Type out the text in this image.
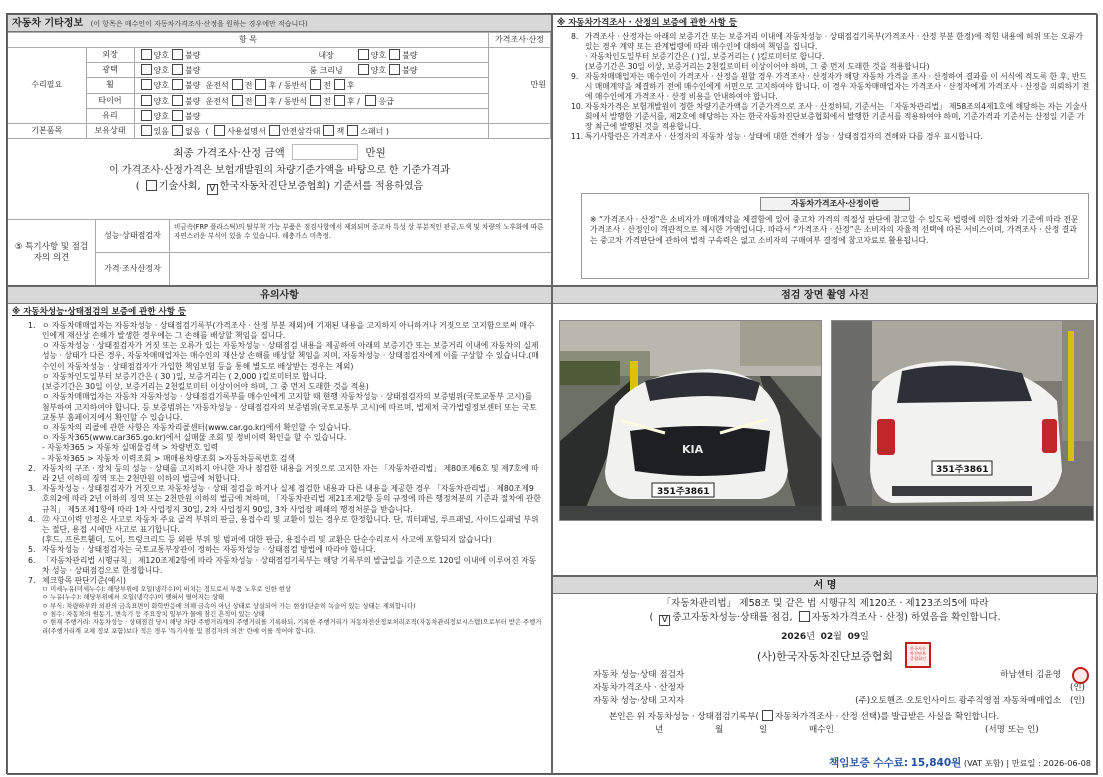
자동차 기타정보 (이 항목은 매수인이 자동차가격조사·산정을 원하는 경우에만 적습니다)
항 목			가격조사·산정
수리필요	외장	양호 불량 내장 양호 불량	만원
	광택	양호 불량 룸 크리닝 양호 불량	
	휠	양호 불량 운전석 전 후 / 동반석 전 후	
	타이어	양호 불량 운전석 전 후 / 동반석 전 후 / 응급	
	유리	양호 불량	
기본품목	보유상태	있음 없음  ( 사용설명서 안전삼각대 잭 스패너 )	
최종 가격조사·산정 금액	만원
이 가격조사·산정가격은 보험개발원의 차량기준가액을 바탕으로 한 기준가격과
( 기술사회, V 한국자동차진단보증협회) 기준서를 적용하였음
⑤ 특기사항 및 점검자의 의견
성능·상태점검자
비금속(FRP 플라스틱)의 탈부착 가능 부품은 점검사항에서 제외되며 중고차 특성 상 부분적인 판금,도색 및 차량의 노후화에 따른 자연스러운 부식이 있을 수 있습니다. 해충가스 미측정.
가격·조사산정자
※ 자동차가격조사 · 산정의 보증에 관한 사항 등
8. 가격조사 · 산정자는 아래의 보증기간 또는 보증거리 이내에 자동차성능 · 상태점검기록부(가격조사 · 산정 부분 한정)에 적힌 내용에 허위 또는 오류가 있는 경우 계약 또는 관계법령에 따라 매수인에 대하여 책임을 집니다.
· 자동차인도일부터 보증기간은 ( )일, 보증거리는 ( )킬로미터로 합니다.
(보증기간은 30일 이상, 보증거리는 2천킬로미터 이상이어야 하며, 그 중 먼저 도래한 것을 적용합니다)
9. 자동차매매업자는 매수인이 가격조사 · 산정을 원할 경우 가격조사 · 산정자가 해당 자동차 가격을 조사 · 산정하여 결과를 이 서식에 적도록 한 후, 반드시 매매계약을 체결하기 전에 매수인에게 서면으로 고지하여야 합니다. 이 경우 자동차매매업자는 가격조사 · 산정자에게 가격조사 · 산정을 의뢰하기 전에 매수인에게 가격조사 · 산정 비용을 안내하여야 합니다.
10. 자동차가격은 보험개발원이 정한 차량기준가액을 기준가격으로 조사 · 산정하되, 기준서는 「자동차관리법」 제58조의4제1호에 해당하는 자는 기술사회에서 발행한 기준서를, 제2호에 해당하는 자는 한국자동차진단보증협회에서 발행한 기준서를 적용하여야 하며, 기준가격과 기준서는 산정일 기준 가장 최근에 발행된 것을 적용합니다.
11. 특기사항란은 가격조사 · 산정자의 자동차 성능 · 상태에 대한 견해가 성능 · 상태점검자의 견해와 다를 경우 표시합니다.
자동차가격조사·산정이란
※ “가격조사 · 산정”은 소비자가 매매계약을 체결함에 있어 중고차 가격의 적절성 판단에 참고할 수 있도록 법령에 의한 절차와 기준에 따라 전문 가격조사 · 산정인이 객관적으로 제시한 가액입니다. 따라서 “가격조사 · 산정”은 소비자의 자율적 선택에 따른 서비스이며, 가격조사 · 산정 결과는 중고차 가격판단에 관하여 법적 구속력은 없고 소비자의 구매여부 결정에 참고자료로 활용됩니다.
유의사항
※ 자동차성능·상태점검의 보증에 관한 사항 등
1. ㅇ 자동차매매업자는 자동차성능 · 상태점검기록부(가격조사 · 산정 부분 제외)에 기재된 내용을 고지하지 아니하거나 거짓으로 고지함으로써 매수인에게 재산상 손해가 발생한 경우에는 그 손해를 배상할 책임을 집니다.
ㅇ 자동차성능 · 상태점검자가 거짓 또는 오류가 있는 자동차성능 · 상태점검 내용을 제공하여 아래의 보증기간 또는 보증거리 이내에 자동차의 실제 성능 · 상태가 다른 경우, 자동차매매업자는 매수인의 재산상 손해를 배상할 책임을 지며, 자동차성능 · 상태점검자에게 이를 구상할 수 있습니다.(매수인이 자동차성능 · 상태점검자가 가입한 책임보험 등을 통해 별도로 배상받는 경우는 제외)
ㅇ 자동차인도일부터 보증기간은 ( 30 )일, 보증거리는 ( 2,000 )킬로미터로 합니다.
(보증기간은 30일 이상, 보증거리는 2천킬로미터 이상이어야 하며, 그 중 먼저 도래한 것을 적용)
ㅇ 자동차매매업자는 자동차 자동차성능 · 상태점검기록부를 매수인에게 고지할 때 현행 자동차성능 · 상태점검자의 보증범위(국토교통부 고시)를 첨부하여 고지하여야 합니다. 등 보증범위는 '자동차성능 · 상태점검자의 보증범위(국토교통부 고시)에 따르며, 법제처 국가법령정보센터 또는 국토교통부 홈페이지에서 확인할 수 있습니다.
ㅇ 자동차의 리콜에 관한 사항은 자동차리콜센터(www.car.go.kr)에서 확인할 수 있습니다.
ㅇ 자동차365(www.car365.go.kr)에서 실매물 조회 및 정비이력 확인을 할 수 있습니다.
- 자동차365 > 자동차 실매물검색 > 차량번호 입력
- 자동차365 > 자동차 이력조회 > 매매용차량조회 >자동차등록번호 검색
2. 자동차의 구조 · 장치 등의 성능 · 상태를 고지하지 아니한 자나 점검한 내용을 거짓으로 고지한 자는 「자동차관리법」 제80조제6호 및 제7호에 따라 2년 이하의 징역 또는 2천만원 이하의 벌금에 처합니다.
3. 자동차성능 · 상태점검자가 거짓으로 자동차성능 · 상태 점검을 하거나 실제 점검한 내용과 다른 내용을 제공한 경우 「자동차관리법」 제80조제9호의2에 따라 2년 이하의 징역 또는 2천만원 이하의 벌금에 처하며, 「자동차관리법 제21조제2항 등의 규정에 따른 행정처분의 기준과 절차에 관한 규칙」 제5조제1항에 따라 1차 사업정지 30일, 2차 사업정지 90일, 3차 사업장 폐쇄의 행정처분을 받습니다.
4. ㉒ 사고이력 인정은 사고로 자동차 주요 골격 부위의 판금, 용접수리 및 교환이 있는 경우로 한정합니다. 단, 쿼터패널, 루프패널, 사이드실패널 부위는 절단, 용접 시에만 사고로 표기합니다.
(후드, 프론트휀더, 도어, 트렁크리드 등 외판 부위 및 범퍼에 대한 판금, 용접수리 및 교환은 단순수리로서 사고에 포함되지 않습니다)
5. 자동차성능 · 상태점검자는 국토교통부장관이 정하는 자동차성능 · 상태점검 방법에 따라야 합니다.
6. 「자동차관리법 시행규칙」 제120조제2항에 따라 자동차성능 · 상태점검기록부는 해당 기록부의 발급일을 기준으로 120일 이내에 이루어진 자동차 성능 · 상태점검으로 한정합니다.
7. 체크항목 판단기준(예시)
ㅁ 미세누유(미세누수): 해당부위에 오일(냉각수)이 비치는 정도로서 부품 노후로 인한 현상
ㅇ 누유(누수): 해당부위에서 오일(냉각수)이 맺혀서 떨어지는 상태
ㅇ 부식: 차량하부와 외판의 금속표면이 화학반응에 의해 금속이 아닌 상태로 상실되어 가는 현상(단순히 녹슬어 있는 상태는 제외합니다)
ㅇ 침수: 자동차의 원동기, 변속기 등 주요장치 일부가 물에 잠긴 흔적이 있는 상태
ㅇ 현재 주행거리: 자동차성능 · 상태점검 당시 해당 차량 주행거리계의 주행거리를 기록하되, 기록한 주행거리가 자동차전산정보처리조직(자동차관리정보시스템)으로부터 받은 주행거리(주행거리계 교체 정보 포함)보다 적은 경우 '특기사항 및 점검자의 의견' 란에 이를 적어야 합니다.
점검 장면 촬영 사진
KIA
351주3861
351주3861
서 명
「자동차관리법」 제58조 및 같은 법 시행규칙 제120조 · 제123조의5에 따라
( V 중고자동차성능·상태를 점검, 자동차가격조사 · 산정) 하였음을 확인합니다.
2026년 02월 09일
(사)한국자동차진단보증협회
한국자동차진단보증협회인
자동차 성능·상태 점검자	하남센터 김윤영
자동차가격조사 · 산정자	(인)
자동차 성능·상태 고지자	(주)오토핸즈 오토인사이드 광주직영점 자동차매매업소 (인)
본인은 위 자동차성능 · 상태점검기록부( 자동차가격조사 · 산정 선택)를 발급받은 사실을 확인합니다.
년	월	일	매수인	(서명 또는 인)
책임보증 수수료: 15,840원 (VAT 포함) | 만료일 : 2026-06-08
